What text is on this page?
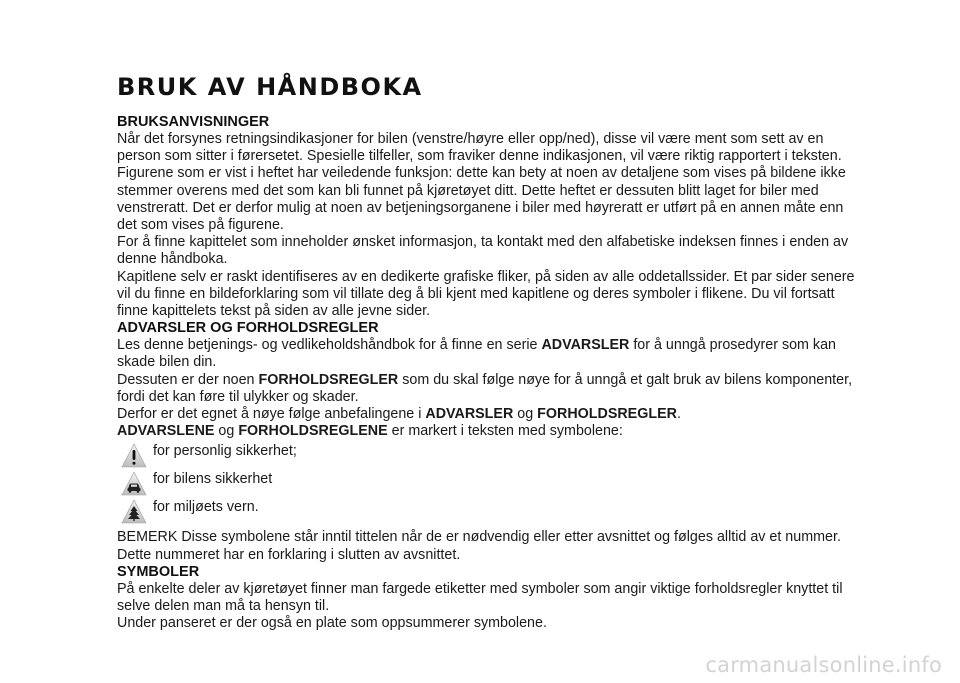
BRUK AV HÅNDBOKA
BRUKSANVISNINGER

Når det forsynes retningsindikasjoner for bilen (venstre/høyre eller opp/ned), disse vil være ment som sett av en person som sitter i førersetet. Spesielle tilfeller, som fraviker denne indikasjonen, vil være riktig rapportert i teksten.

Figurene som er vist i heftet har veiledende funksjon: dette kan bety at noen av detaljene som vises på bildene ikke stemmer overens med det som kan bli funnet på kjøretøyet ditt. Dette heftet er dessuten blitt laget for biler med venstreratt. Det er derfor mulig at noen av betjeningsorganene i biler med høyreratt er utført på en annen måte enn det som vises på figurene.

For å finne kapittelet som inneholder ønsket informasjon, ta kontakt med den alfabetiske indeksen finnes i enden av denne håndboka.

Kapitlene selv er raskt identifiseres av en dedikerte grafiske fliker, på siden av alle oddetallssider. Et par sider senere vil du finne en bildeforklaring som vil tillate deg å bli kjent med kapitlene og deres symboler i flikene. Du vil fortsatt finne kapittelets tekst på siden av alle jevne sider.

ADVARSLER OG FORHOLDSREGLER

Les denne betjenings- og vedlikeholdshåndbok for å finne en serie ADVARSLER for å unngå prosedyrer som kan skade bilen din.

Dessuten er der noen FORHOLDSREGLER som du skal følge nøye for å unngå et galt bruk av bilens komponenter, fordi det kan føre til ulykker og skader.

Derfor er det egnet å nøye følge anbefalingene i ADVARSLER og FORHOLDSREGLER.

ADVARSLENE og FORHOLDSREGLENE er markert i teksten med symbolene:

for personlig sikkerhet;
for bilens sikkerhet
for miljøets vern.

BEMERK Disse symbolene står inntil tittelen når de er nødvendig eller etter avsnittet og følges alltid av et nummer. Dette nummeret har en forklaring i slutten av avsnittet.

SYMBOLER

På enkelte deler av kjøretøyet finner man fargede etiketter med symboler som angir viktige forholdsregler knyttet til selve delen man må ta hensyn til.

Under panseret er der også en plate som oppsummerer symbolene.

carmanualsonline.info
